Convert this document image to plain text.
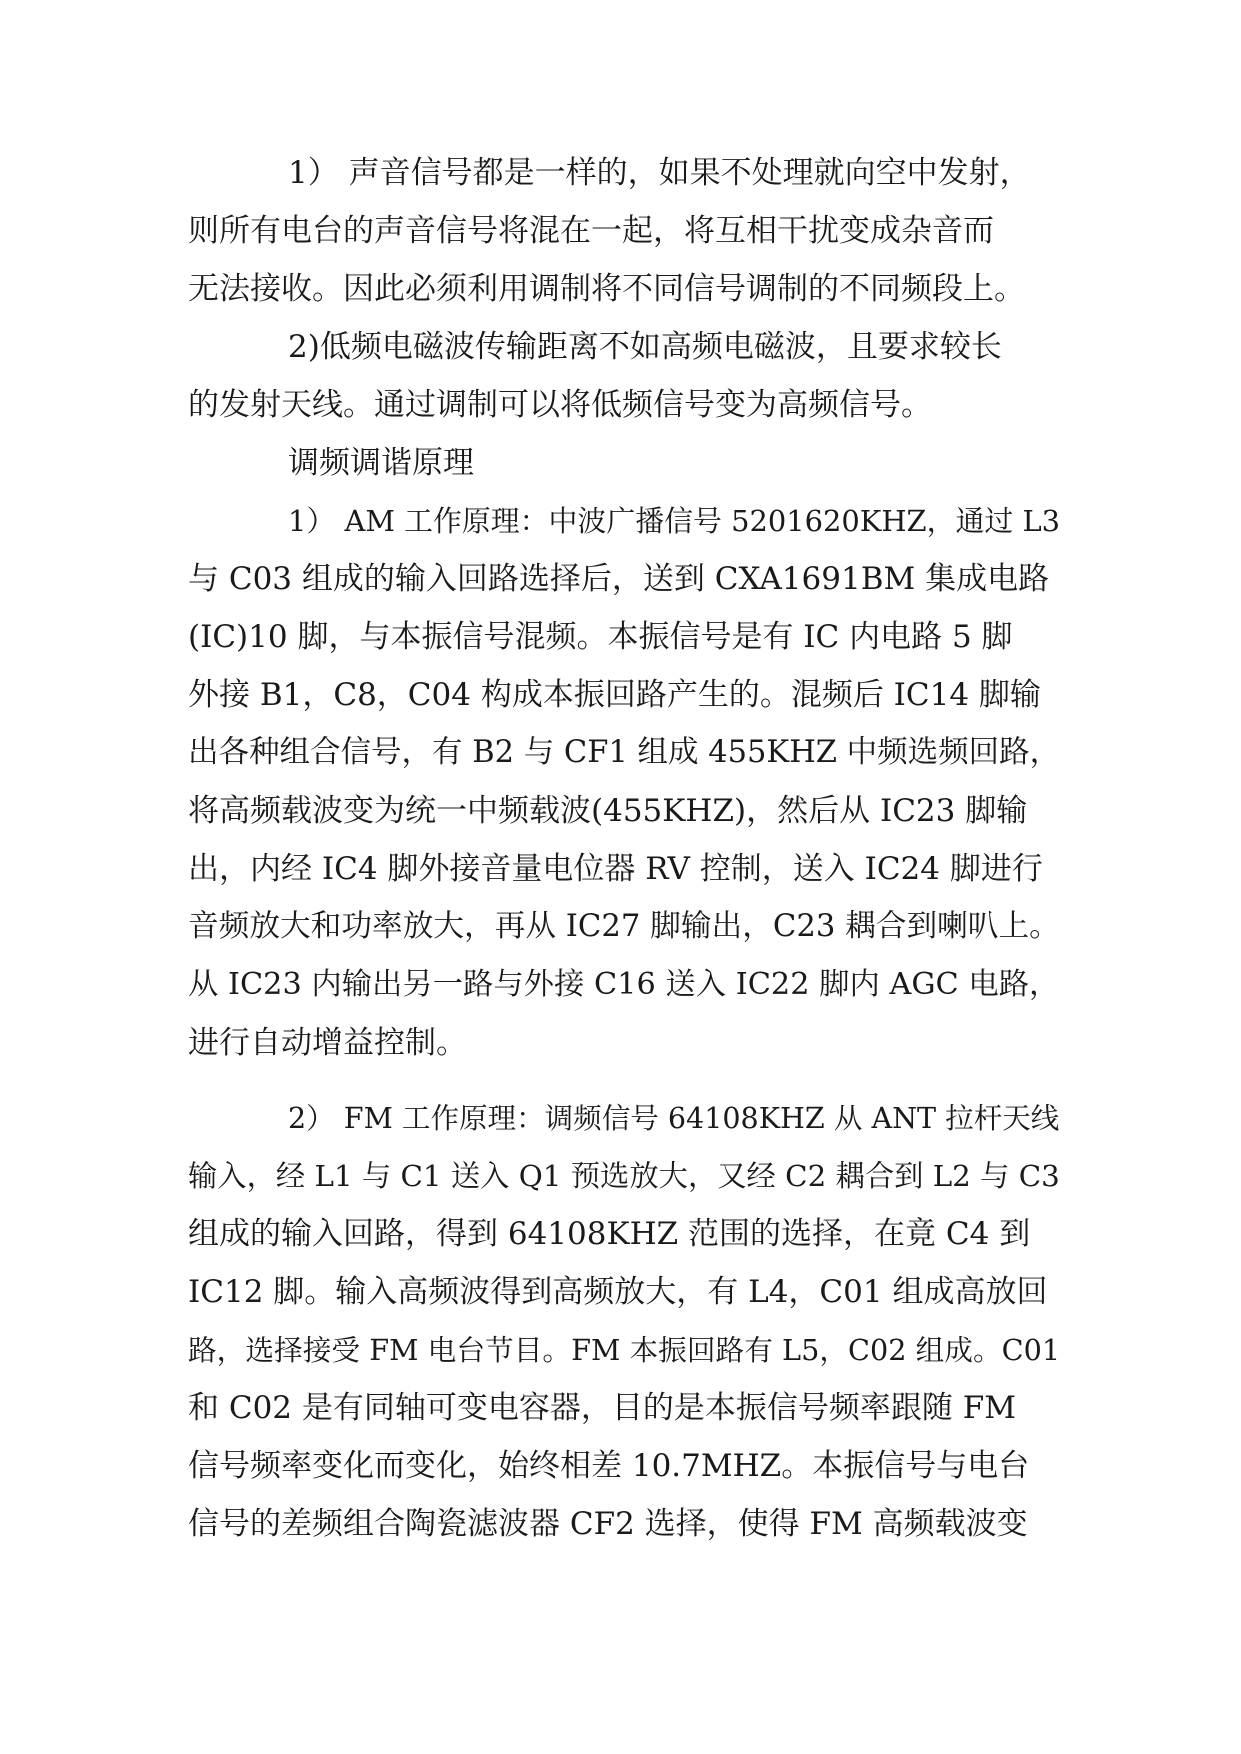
1） 声音信号都是一样的，如果不处理就向空中发射，

则所有电台的声音信号将混在一起，将互相干扰变成杂音而

无法接收。因此必须利用调制将不同信号调制的不同频段上。

2)低频电磁波传输距离不如高频电磁波，且要求较长

的发射天线。通过调制可以将低频信号变为高频信号。

调频调谐原理

1） AM 工作原理：中波广播信号 5201620KHZ，通过 L3

与 C03 组成的输入回路选择后，送到 CXA1691BM 集成电路

(IC)10 脚，与本振信号混频。本振信号是有 IC 内电路 5 脚

外接 B1，C8，C04 构成本振回路产生的。混频后 IC14 脚输

出各种组合信号，有 B2 与 CF1 组成 455KHZ 中频选频回路，

将高频载波变为统一中频载波(455KHZ)，然后从 IC23 脚输

出，内经 IC4 脚外接音量电位器 RV 控制，送入 IC24 脚进行

音频放大和功率放大，再从 IC27 脚输出，C23 耦合到喇叭上。

从 IC23 内输出另一路与外接 C16 送入 IC22 脚内 AGC 电路，

进行自动增益控制。

2） FM 工作原理：调频信号 64108KHZ 从 ANT 拉杆天线

输入，经 L1 与 C1 送入 Q1 预选放大，又经 C2 耦合到 L2 与 C3

组成的输入回路，得到 64108KHZ 范围的选择，在竟 C4 到

IC12 脚。输入高频波得到高频放大，有 L4，C01 组成高放回

路，选择接受 FM 电台节目。FM 本振回路有 L5，C02 组成。C01

和 C02 是有同轴可变电容器，目的是本振信号频率跟随 FM

信号频率变化而变化，始终相差 10.7MHZ。本振信号与电台

信号的差频组合陶瓷滤波器 CF2 选择，使得 FM 高频载波变
